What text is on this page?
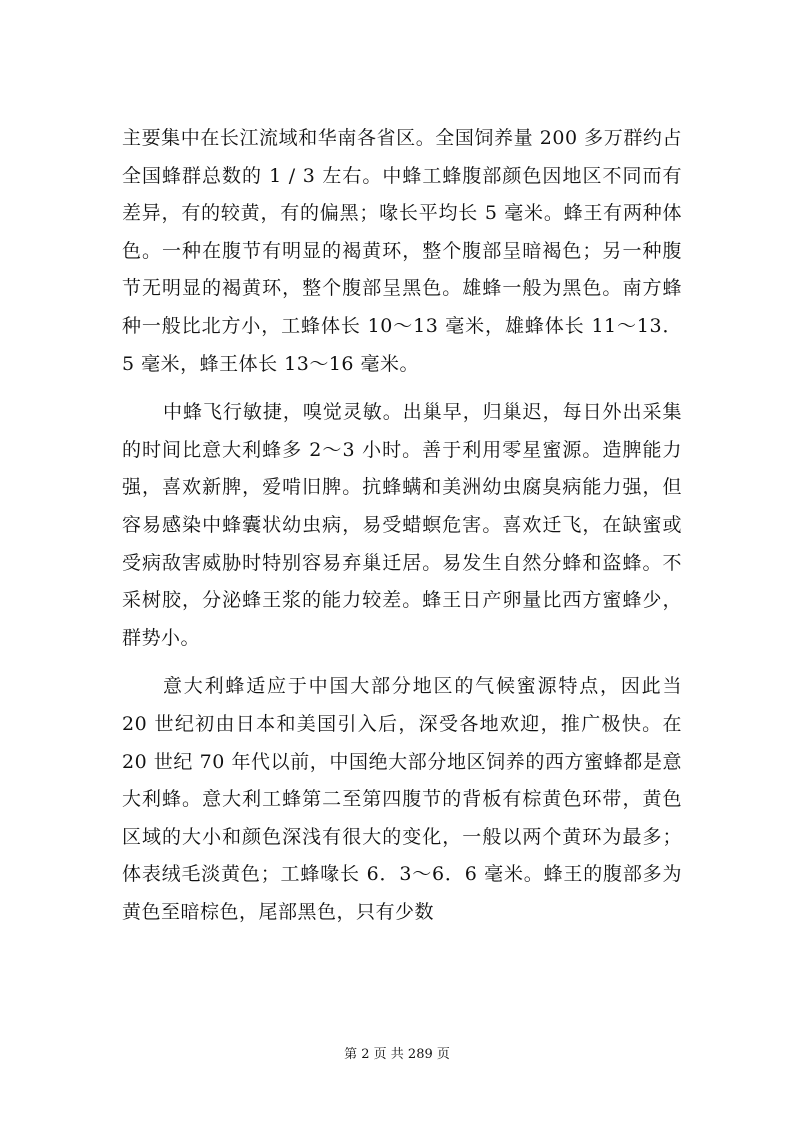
主要集中在长江流域和华南各省区。全国饲养量 200 多万群约占全国蜂群总数的 1 / 3 左右。中蜂工蜂腹部颜色因地区不同而有差异，有的较黄，有的偏黑；喙长平均长 5 毫米。蜂王有两种体色。一种在腹节有明显的褐黄环，整个腹部呈暗褐色；另一种腹节无明显的褐黄环，整个腹部呈黑色。雄蜂一般为黑色。南方蜂种一般比北方小，工蜂体长 10～13 毫米，雄蜂体长 11～13．5 毫米，蜂王体长 13～16 毫米。

中蜂飞行敏捷，嗅觉灵敏。出巢早，归巢迟，每日外出采集的时间比意大利蜂多 2～3 小时。善于利用零星蜜源。造脾能力强，喜欢新脾，爱啃旧脾。抗蜂螨和美洲幼虫腐臭病能力强，但容易感染中蜂囊状幼虫病，易受蜡螟危害。喜欢迁飞，在缺蜜或受病敌害威胁时特别容易弃巢迁居。易发生自然分蜂和盗蜂。不采树胶，分泌蜂王浆的能力较差。蜂王日产卵量比西方蜜蜂少，群势小。

意大利蜂适应于中国大部分地区的气候蜜源特点，因此当 20 世纪初由日本和美国引入后，深受各地欢迎，推广极快。在 20 世纪 70 年代以前，中国绝大部分地区饲养的西方蜜蜂都是意大利蜂。意大利工蜂第二至第四腹节的背板有棕黄色环带，黄色区域的大小和颜色深浅有很大的变化，一般以两个黄环为最多；体表绒毛淡黄色；工蜂喙长 6．3～6．6 毫米。蜂王的腹部多为黄色至暗棕色，尾部黑色，只有少数

第 2 页 共 289 页
